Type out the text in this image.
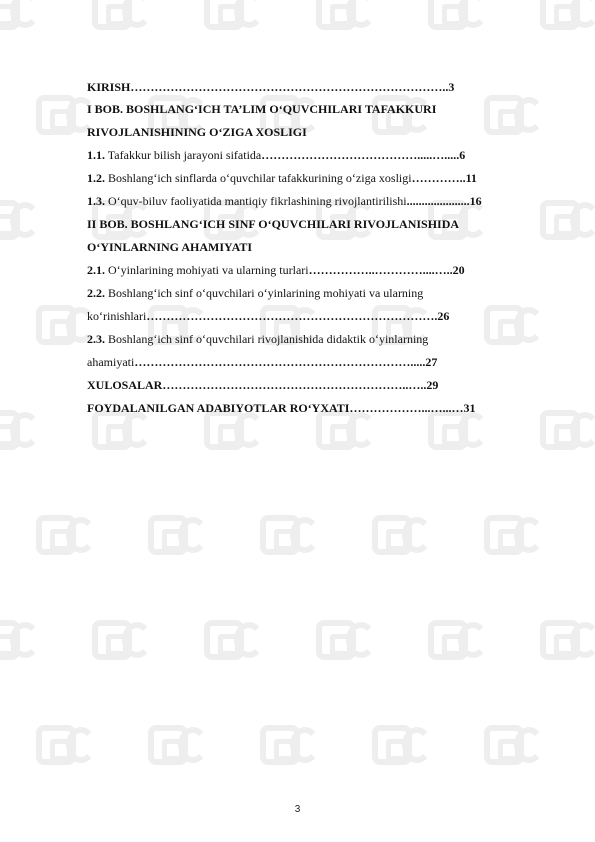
KIRISH……………………………………………………………………..3
I BOB. BOSHLANG‘ICH TA’LIM O‘QUVCHILARI TAFAKKURI
RIVOJLANISHINING O‘ZIGA XOSLIGI
1.1. Tafakkur bilish jarayoni sifatida………………………………….....….....6
1.2. Boshlang‘ich sinflarda o‘quvchilar tafakkurining o‘ziga xosligi…………..11
1.3. O‘quv-biluv faoliyatida mantiqiy fikrlashining rivojlantirilishi.....................16
II BOB. BOSHLANG‘ICH SINF O‘QUVCHILARI RIVOJLANISHIDA
O‘YINLARNING AHAMIYATI
2.1. O‘yinlarining mohiyati va ularning turlari……………..…………....…..20
2.2. Boshlang‘ich sinf o‘quvchilari o‘yinlarining mohiyati va ularning
ko‘rinishlari……………………………………………………………….26
2.3. Boshlang‘ich sinf o‘quvchilari rivojlanishida didaktik o‘yinlarning
ahamiyati…………………………………………………………….....27
XULOSALAR……………………………………………………..…..29
FOYDALANILGAN ADABIYOTLAR RO‘YXATI………………...…...…31
3
